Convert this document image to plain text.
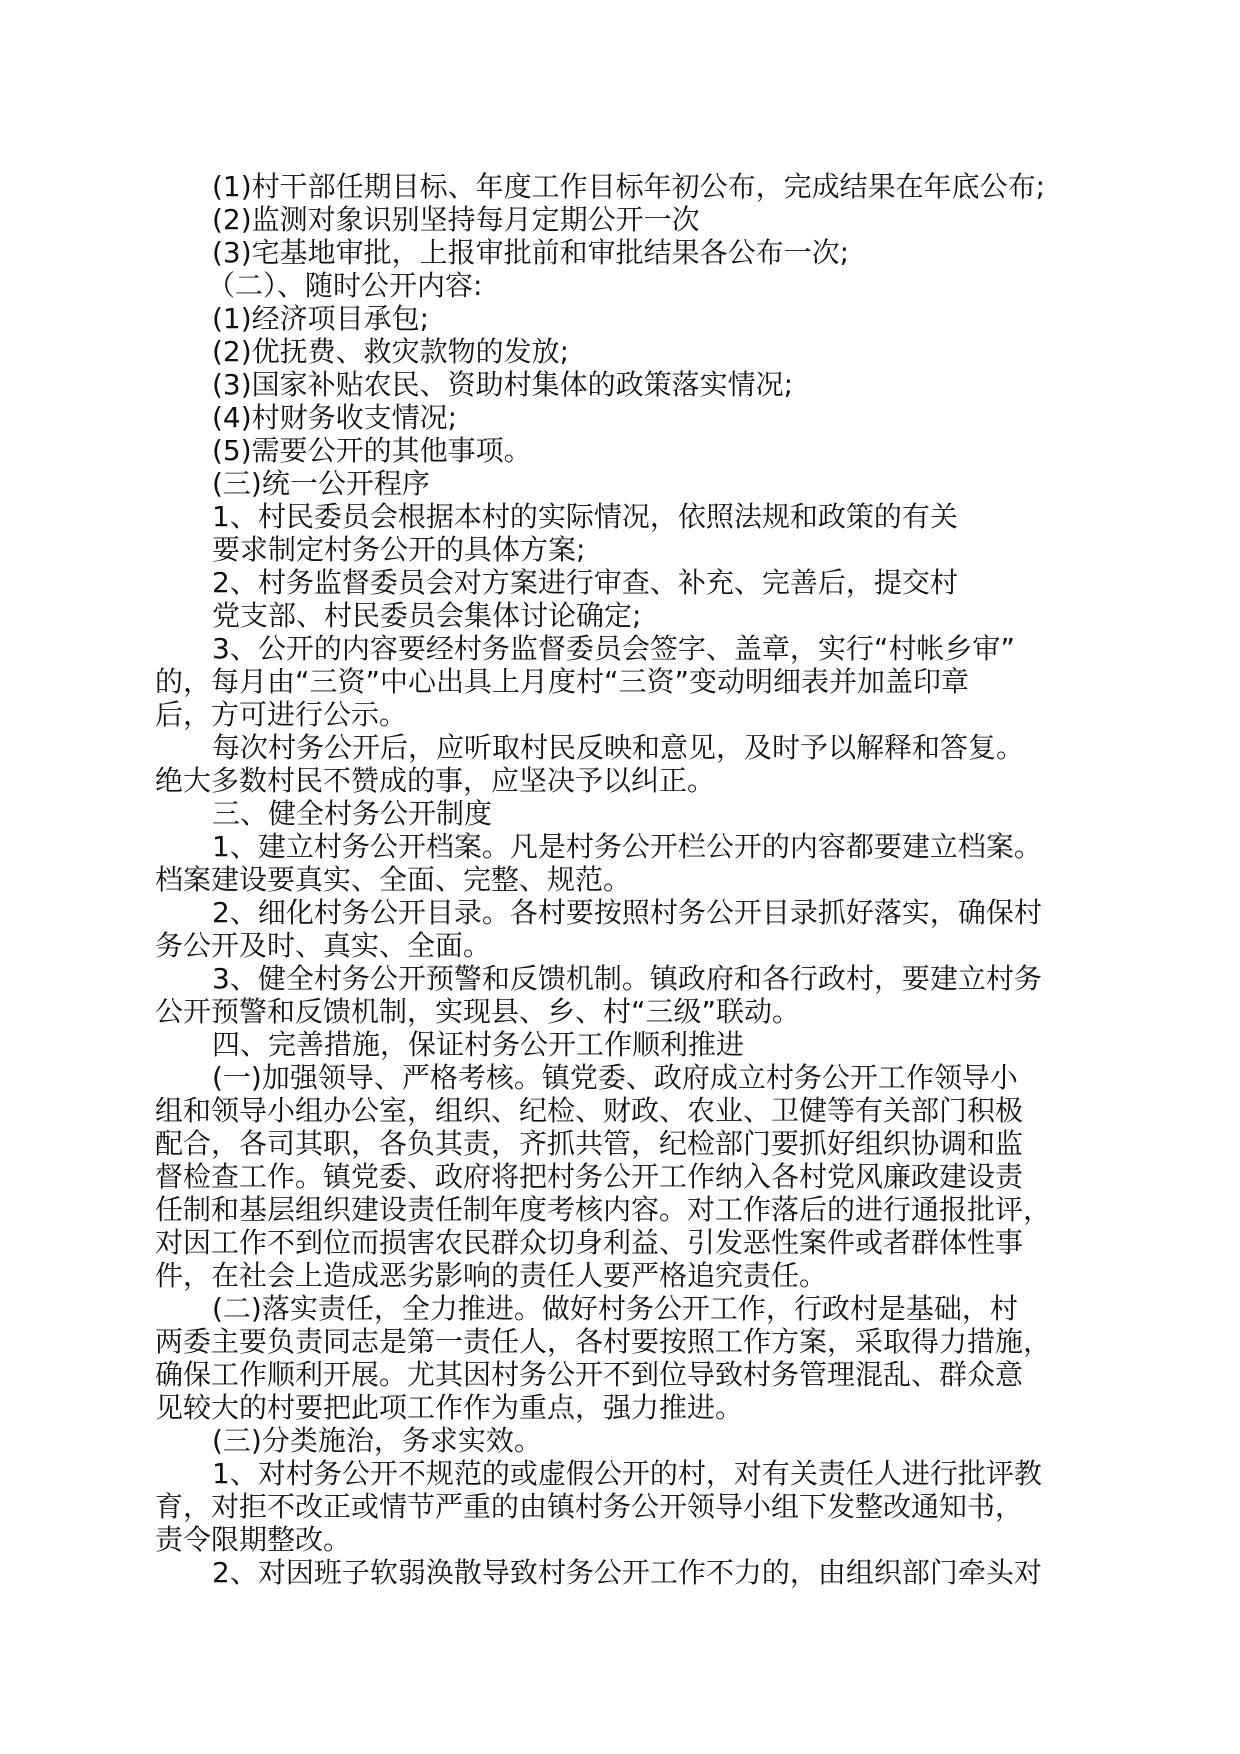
(1)村干部任期目标、年度工作目标年初公布，完成结果在年底公布;
(2)监测对象识别坚持每月定期公开一次
(3)宅基地审批，上报审批前和审批结果各公布一次;
（二）、随时公开内容:
(1)经济项目承包;
(2)优抚费、救灾款物的发放;
(3)国家补贴农民、资助村集体的政策落实情况;
(4)村财务收支情况;
(5)需要公开的其他事项。
(三)统一公开程序
1、村民委员会根据本村的实际情况，依照法规和政策的有关
要求制定村务公开的具体方案;
2、村务监督委员会对方案进行审查、补充、完善后，提交村
党支部、村民委员会集体讨论确定;
3、公开的内容要经村务监督委员会签字、盖章，实行“村帐乡审”
的，每月由“三资”中心出具上月度村“三资”变动明细表并加盖印章
后，方可进行公示。
每次村务公开后，应听取村民反映和意见，及时予以解释和答复。
绝大多数村民不赞成的事，应坚决予以纠正。
三、健全村务公开制度
1、建立村务公开档案。凡是村务公开栏公开的内容都要建立档案。
档案建设要真实、全面、完整、规范。
2、细化村务公开目录。各村要按照村务公开目录抓好落实，确保村
务公开及时、真实、全面。
3、健全村务公开预警和反馈机制。镇政府和各行政村，要建立村务
公开预警和反馈机制，实现县、乡、村“三级”联动。
四、完善措施，保证村务公开工作顺利推进
(一)加强领导、严格考核。镇党委、政府成立村务公开工作领导小
组和领导小组办公室，组织、纪检、财政、农业、卫健等有关部门积极
配合，各司其职，各负其责，齐抓共管，纪检部门要抓好组织协调和监
督检查工作。镇党委、政府将把村务公开工作纳入各村党风廉政建设责
任制和基层组织建设责任制年度考核内容。对工作落后的进行通报批评，
对因工作不到位而损害农民群众切身利益、引发恶性案件或者群体性事
件，在社会上造成恶劣影响的责任人要严格追究责任。
(二)落实责任，全力推进。做好村务公开工作，行政村是基础，村
两委主要负责同志是第一责任人，各村要按照工作方案，采取得力措施，
确保工作顺利开展。尤其因村务公开不到位导致村务管理混乱、群众意
见较大的村要把此项工作作为重点，强力推进。
(三)分类施治，务求实效。
1、对村务公开不规范的或虚假公开的村，对有关责任人进行批评教
育，对拒不改正或情节严重的由镇村务公开领导小组下发整改通知书，
责令限期整改。
2、对因班子软弱涣散导致村务公开工作不力的，由组织部门牵头对
